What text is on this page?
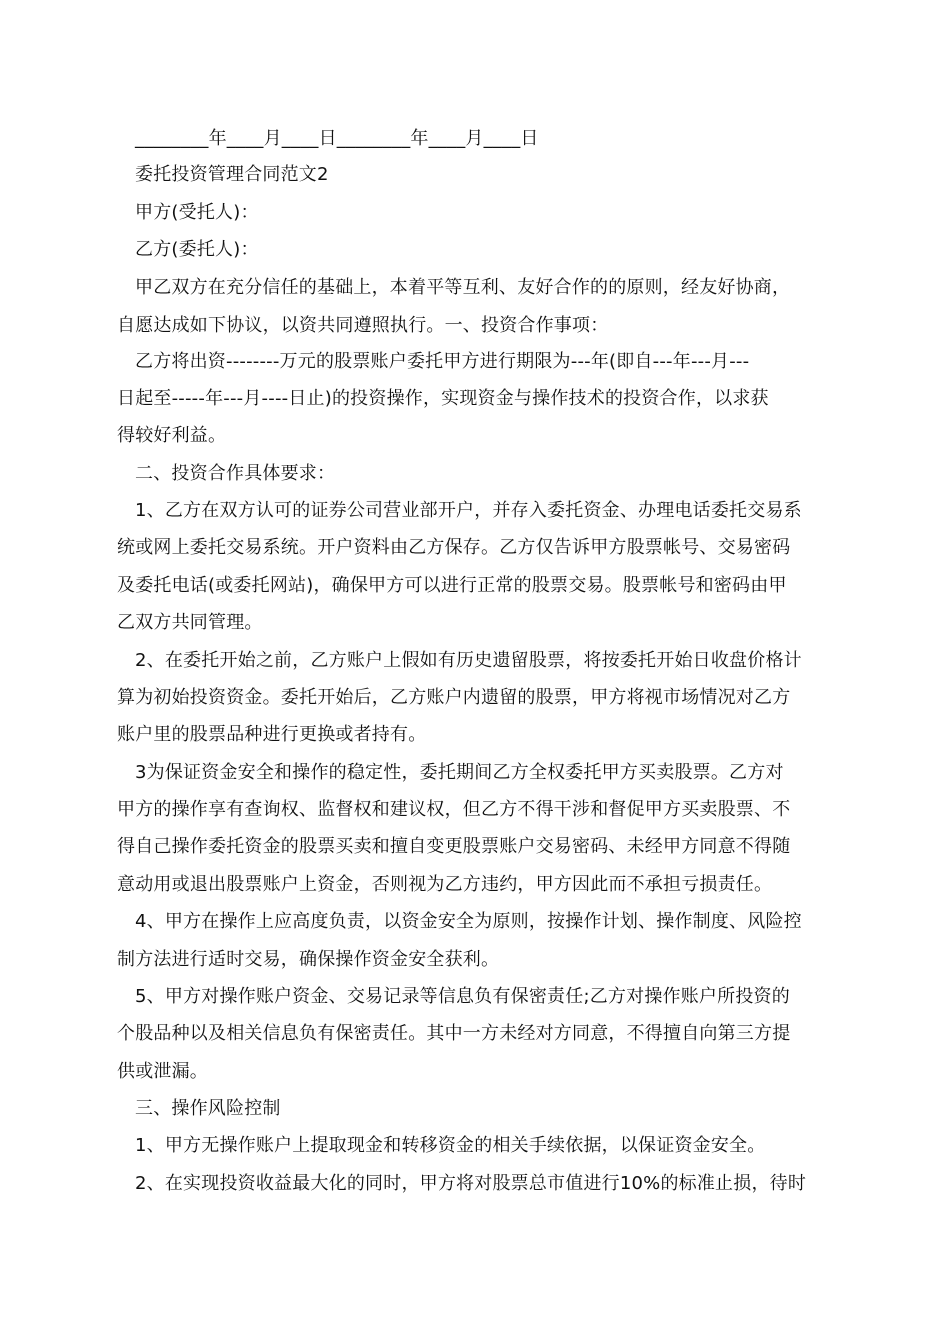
________年____月____日________年____月____日
委托投资管理合同范文2
甲方(受托人)：
乙方(委托人)：
甲乙双方在充分信任的基础上，本着平等互利、友好合作的的原则，经友好协商，
自愿达成如下协议，以资共同遵照执行。一、投资合作事项：
乙方将出资--------万元的股票账户委托甲方进行期限为---年(即自---年---月---
日起至-----年---月----日止)的投资操作，实现资金与操作技术的投资合作，以求获
得较好利益。
二、投资合作具体要求：
1、乙方在双方认可的证券公司营业部开户，并存入委托资金、办理电话委托交易系
统或网上委托交易系统。开户资料由乙方保存。乙方仅告诉甲方股票帐号、交易密码
及委托电话(或委托网站)，确保甲方可以进行正常的股票交易。股票帐号和密码由甲
乙双方共同管理。
2、在委托开始之前，乙方账户上假如有历史遗留股票，将按委托开始日收盘价格计
算为初始投资资金。委托开始后，乙方账户内遗留的股票，甲方将视市场情况对乙方
账户里的股票品种进行更换或者持有。
3为保证资金安全和操作的稳定性，委托期间乙方全权委托甲方买卖股票。乙方对
甲方的操作享有查询权、监督权和建议权，但乙方不得干涉和督促甲方买卖股票、不
得自己操作委托资金的股票买卖和擅自变更股票账户交易密码、未经甲方同意不得随
意动用或退出股票账户上资金，否则视为乙方违约，甲方因此而不承担亏损责任。
4、甲方在操作上应高度负责，以资金安全为原则，按操作计划、操作制度、风险控
制方法进行适时交易，确保操作资金安全获利。
5、甲方对操作账户资金、交易记录等信息负有保密责任;乙方对操作账户所投资的
个股品种以及相关信息负有保密责任。其中一方未经对方同意，不得擅自向第三方提
供或泄漏。
三、操作风险控制
1、甲方无操作账户上提取现金和转移资金的相关手续依据，以保证资金安全。
2、在实现投资收益最大化的同时，甲方将对股票总市值进行10%的标准止损，待时
